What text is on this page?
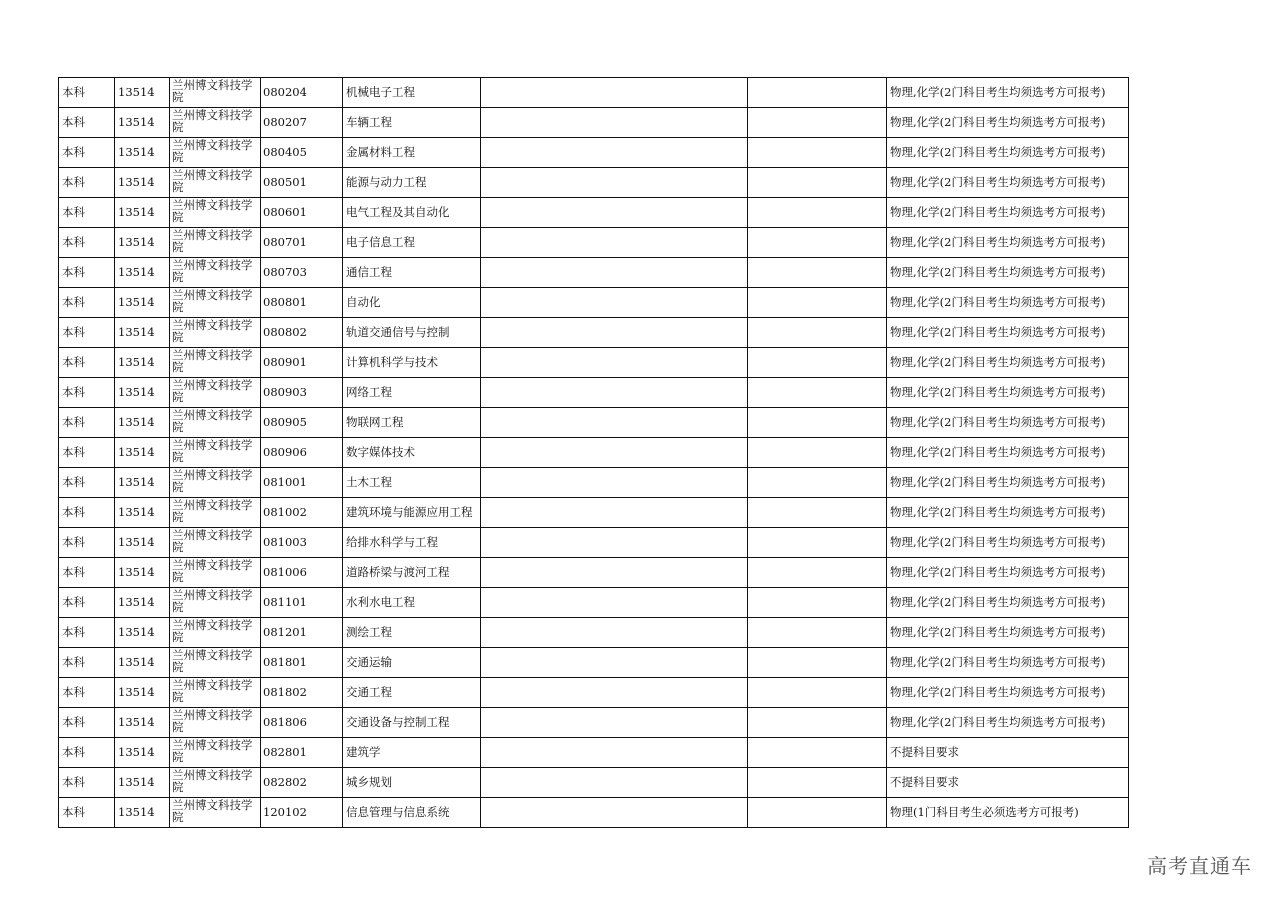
本科	13514	兰州博文科技学院	080204	机械电子工程			物理,化学(2门科目考生均须选考方可报考)
本科	13514	兰州博文科技学院	080207	车辆工程			物理,化学(2门科目考生均须选考方可报考)
本科	13514	兰州博文科技学院	080405	金属材料工程			物理,化学(2门科目考生均须选考方可报考)
本科	13514	兰州博文科技学院	080501	能源与动力工程			物理,化学(2门科目考生均须选考方可报考)
本科	13514	兰州博文科技学院	080601	电气工程及其自动化			物理,化学(2门科目考生均须选考方可报考)
本科	13514	兰州博文科技学院	080701	电子信息工程			物理,化学(2门科目考生均须选考方可报考)
本科	13514	兰州博文科技学院	080703	通信工程			物理,化学(2门科目考生均须选考方可报考)
本科	13514	兰州博文科技学院	080801	自动化			物理,化学(2门科目考生均须选考方可报考)
本科	13514	兰州博文科技学院	080802	轨道交通信号与控制			物理,化学(2门科目考生均须选考方可报考)
本科	13514	兰州博文科技学院	080901	计算机科学与技术			物理,化学(2门科目考生均须选考方可报考)
本科	13514	兰州博文科技学院	080903	网络工程			物理,化学(2门科目考生均须选考方可报考)
本科	13514	兰州博文科技学院	080905	物联网工程			物理,化学(2门科目考生均须选考方可报考)
本科	13514	兰州博文科技学院	080906	数字媒体技术			物理,化学(2门科目考生均须选考方可报考)
本科	13514	兰州博文科技学院	081001	土木工程			物理,化学(2门科目考生均须选考方可报考)
本科	13514	兰州博文科技学院	081002	建筑环境与能源应用工程			物理,化学(2门科目考生均须选考方可报考)
本科	13514	兰州博文科技学院	081003	给排水科学与工程			物理,化学(2门科目考生均须选考方可报考)
本科	13514	兰州博文科技学院	081006	道路桥梁与渡河工程			物理,化学(2门科目考生均须选考方可报考)
本科	13514	兰州博文科技学院	081101	水利水电工程			物理,化学(2门科目考生均须选考方可报考)
本科	13514	兰州博文科技学院	081201	测绘工程			物理,化学(2门科目考生均须选考方可报考)
本科	13514	兰州博文科技学院	081801	交通运输			物理,化学(2门科目考生均须选考方可报考)
本科	13514	兰州博文科技学院	081802	交通工程			物理,化学(2门科目考生均须选考方可报考)
本科	13514	兰州博文科技学院	081806	交通设备与控制工程			物理,化学(2门科目考生均须选考方可报考)
本科	13514	兰州博文科技学院	082801	建筑学			不提科目要求
本科	13514	兰州博文科技学院	082802	城乡规划			不提科目要求
本科	13514	兰州博文科技学院	120102	信息管理与信息系统			物理(1门科目考生必须选考方可报考)
高考直通车
